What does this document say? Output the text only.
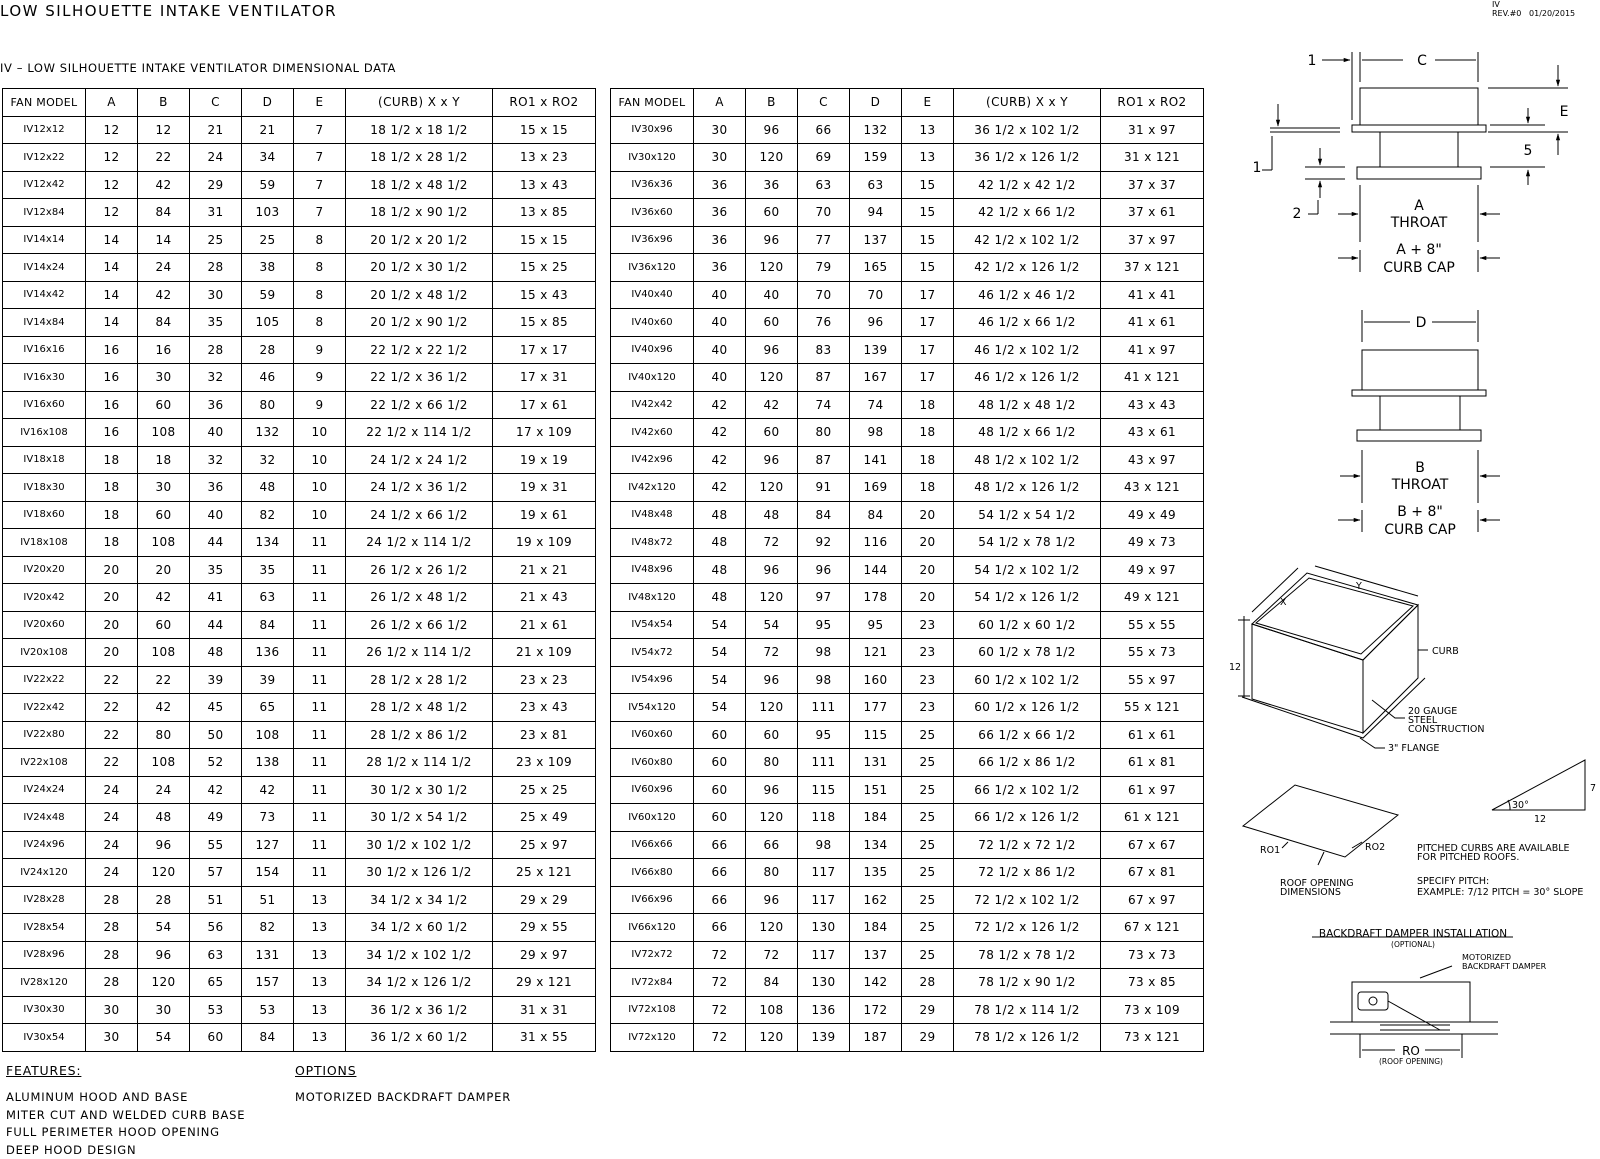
LOW SILHOUETTE INTAKE VENTILATOR	IV
REV.#0 01/20/2015
IV – LOW SILHOUETTE INTAKE VENTILATOR DIMENSIONAL DATA
FAN MODEL	A	B	C	D	E	(CURB) X x Y	RO1 x RO2
IV12x12	12	12	21	21	7	18 1/2 x 18 1/2	15 x 15
IV12x22	12	22	24	34	7	18 1/2 x 28 1/2	13 x 23
IV12x42	12	42	29	59	7	18 1/2 x 48 1/2	13 x 43
IV12x84	12	84	31	103	7	18 1/2 x 90 1/2	13 x 85
IV14x14	14	14	25	25	8	20 1/2 x 20 1/2	15 x 15
IV14x24	14	24	28	38	8	20 1/2 x 30 1/2	15 x 25
IV14x42	14	42	30	59	8	20 1/2 x 48 1/2	15 x 43
IV14x84	14	84	35	105	8	20 1/2 x 90 1/2	15 x 85
IV16x16	16	16	28	28	9	22 1/2 x 22 1/2	17 x 17
IV16x30	16	30	32	46	9	22 1/2 x 36 1/2	17 x 31
IV16x60	16	60	36	80	9	22 1/2 x 66 1/2	17 x 61
IV16x108	16	108	40	132	10	22 1/2 x 114 1/2	17 x 109
IV18x18	18	18	32	32	10	24 1/2 x 24 1/2	19 x 19
IV18x30	18	30	36	48	10	24 1/2 x 36 1/2	19 x 31
IV18x60	18	60	40	82	10	24 1/2 x 66 1/2	19 x 61
IV18x108	18	108	44	134	11	24 1/2 x 114 1/2	19 x 109
IV20x20	20	20	35	35	11	26 1/2 x 26 1/2	21 x 21
IV20x42	20	42	41	63	11	26 1/2 x 48 1/2	21 x 43
IV20x60	20	60	44	84	11	26 1/2 x 66 1/2	21 x 61
IV20x108	20	108	48	136	11	26 1/2 x 114 1/2	21 x 109
IV22x22	22	22	39	39	11	28 1/2 x 28 1/2	23 x 23
IV22x42	22	42	45	65	11	28 1/2 x 48 1/2	23 x 43
IV22x80	22	80	50	108	11	28 1/2 x 86 1/2	23 x 81
IV22x108	22	108	52	138	11	28 1/2 x 114 1/2	23 x 109
IV24x24	24	24	42	42	11	30 1/2 x 30 1/2	25 x 25
IV24x48	24	48	49	73	11	30 1/2 x 54 1/2	25 x 49
IV24x96	24	96	55	127	11	30 1/2 x 102 1/2	25 x 97
IV24x120	24	120	57	154	11	30 1/2 x 126 1/2	25 x 121
IV28x28	28	28	51	51	13	34 1/2 x 34 1/2	29 x 29
IV28x54	28	54	56	82	13	34 1/2 x 60 1/2	29 x 55
IV28x96	28	96	63	131	13	34 1/2 x 102 1/2	29 x 97
IV28x120	28	120	65	157	13	34 1/2 x 126 1/2	29 x 121
IV30x30	30	30	53	53	13	36 1/2 x 36 1/2	31 x 31
IV30x54	30	54	60	84	13	36 1/2 x 60 1/2	31 x 55
FAN MODEL	A	B	C	D	E	(CURB) X x Y	RO1 x RO2
IV30x96	30	96	66	132	13	36 1/2 x 102 1/2	31 x 97
IV30x120	30	120	69	159	13	36 1/2 x 126 1/2	31 x 121
IV36x36	36	36	63	63	15	42 1/2 x 42 1/2	37 x 37
IV36x60	36	60	70	94	15	42 1/2 x 66 1/2	37 x 61
IV36x96	36	96	77	137	15	42 1/2 x 102 1/2	37 x 97
IV36x120	36	120	79	165	15	42 1/2 x 126 1/2	37 x 121
IV40x40	40	40	70	70	17	46 1/2 x 46 1/2	41 x 41
IV40x60	40	60	76	96	17	46 1/2 x 66 1/2	41 x 61
IV40x96	40	96	83	139	17	46 1/2 x 102 1/2	41 x 97
IV40x120	40	120	87	167	17	46 1/2 x 126 1/2	41 x 121
IV42x42	42	42	74	74	18	48 1/2 x 48 1/2	43 x 43
IV42x60	42	60	80	98	18	48 1/2 x 66 1/2	43 x 61
IV42x96	42	96	87	141	18	48 1/2 x 102 1/2	43 x 97
IV42x120	42	120	91	169	18	48 1/2 x 126 1/2	43 x 121
IV48x48	48	48	84	84	20	54 1/2 x 54 1/2	49 x 49
IV48x72	48	72	92	116	20	54 1/2 x 78 1/2	49 x 73
IV48x96	48	96	96	144	20	54 1/2 x 102 1/2	49 x 97
IV48x120	48	120	97	178	20	54 1/2 x 126 1/2	49 x 121
IV54x54	54	54	95	95	23	60 1/2 x 60 1/2	55 x 55
IV54x72	54	72	98	121	23	60 1/2 x 78 1/2	55 x 73
IV54x96	54	96	98	160	23	60 1/2 x 102 1/2	55 x 97
IV54x120	54	120	111	177	23	60 1/2 x 126 1/2	55 x 121
IV60x60	60	60	95	115	25	66 1/2 x 66 1/2	61 x 61
IV60x80	60	80	111	131	25	66 1/2 x 86 1/2	61 x 81
IV60x96	60	96	115	151	25	66 1/2 x 102 1/2	61 x 97
IV60x120	60	120	118	184	25	66 1/2 x 126 1/2	61 x 121
IV66x66	66	66	98	134	25	72 1/2 x 72 1/2	67 x 67
IV66x80	66	80	117	135	25	72 1/2 x 86 1/2	67 x 81
IV66x96	66	96	117	162	25	72 1/2 x 102 1/2	67 x 97
IV66x120	66	120	130	184	25	72 1/2 x 126 1/2	67 x 121
IV72x72	72	72	117	137	25	78 1/2 x 78 1/2	73 x 73
IV72x84	72	84	130	142	28	78 1/2 x 90 1/2	73 x 85
IV72x108	72	108	136	172	29	78 1/2 x 114 1/2	73 x 109
IV72x120	72	120	139	187	29	78 1/2 x 126 1/2	73 x 121
FEATURES:
ALUMINUM HOOD AND BASE
MITER CUT AND WELDED CURB BASE
FULL PERIMETER HOOD OPENING
DEEP HOOD DESIGN
OPTIONS
MOTORIZED BACKDRAFT DAMPER
C
1
E
5
1
2	A
THROAT
A + 8"
CURB CAP
D
B
THROAT
B + 8"
CURB CAP
X
Y
12
CURB
20 GAUGE
STEEL
CONSTRUCTION
3" FLANGE
7
12
30°
RO1	RO2
ROOF OPENING
DIMENSIONS
PITCHED CURBS ARE AVAILABLE
FOR PITCHED ROOFS.
SPECIFY PITCH:
EXAMPLE: 7/12 PITCH = 30° SLOPE
BACKDRAFT DAMPER INSTALLATION
(OPTIONAL)
MOTORIZED
BACKDRAFT DAMPER
RO
(ROOF OPENING)
